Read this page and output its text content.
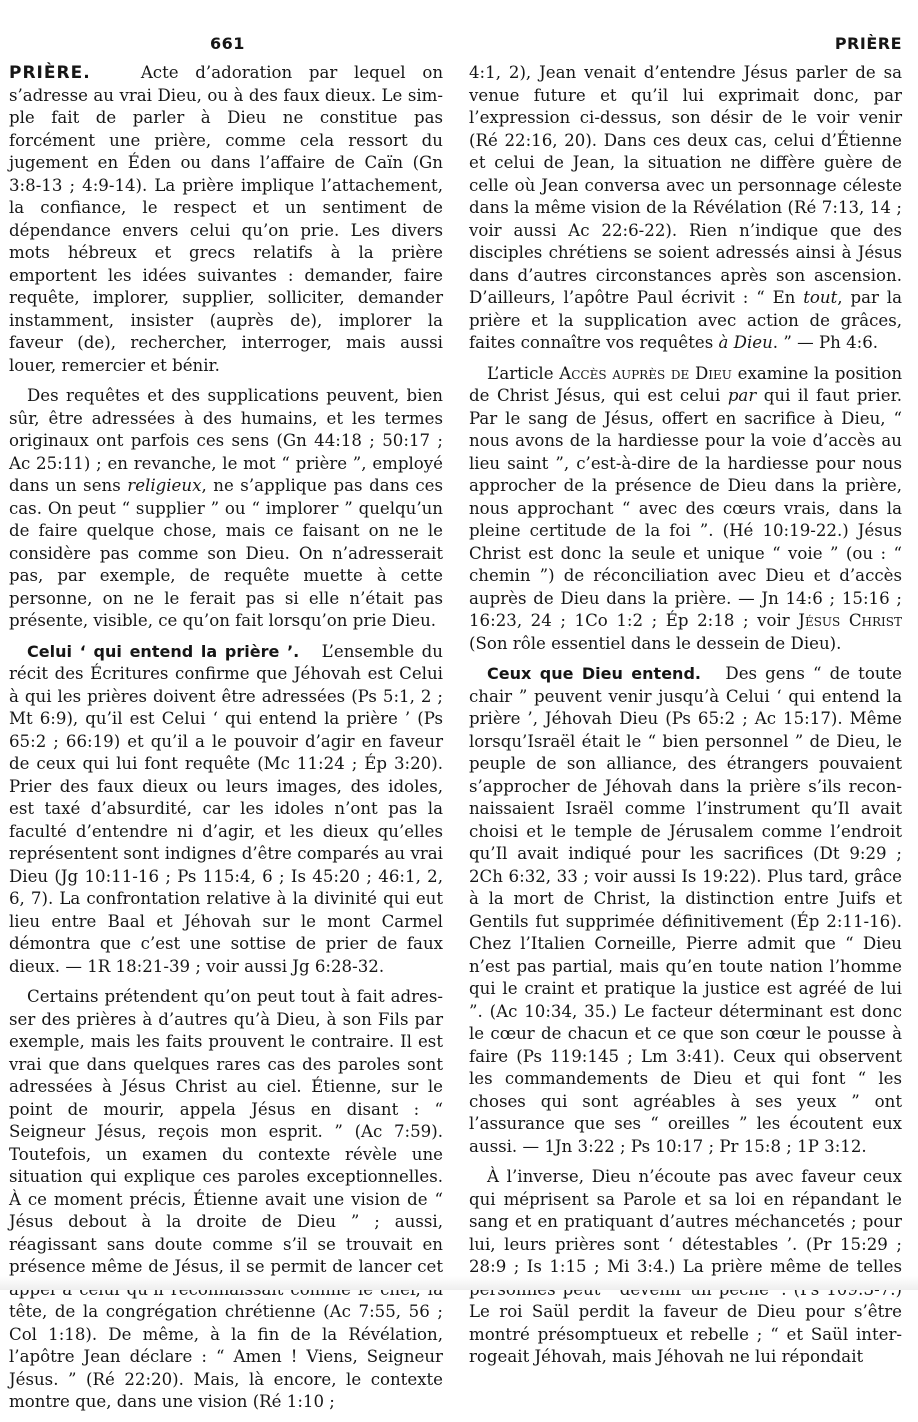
661	PRIÈRE

PRIÈRE.	Acte d’adoration par lequel on s’adresse au vrai Dieu, ou à des faux dieux. Le simple fait de parler à Dieu ne constitue pas forcément une prière, comme cela ressort du jugement en Éden ou dans l’affaire de Caïn (Gn 3:8-13 ; 4:9-14). La prière implique l’attachement, la confiance, le respect et un sentiment de dépendance envers celui qu’on prie. Les divers mots hébreux et grecs relatifs à la prière emportent les idées suivantes : demander, faire requête, implorer, supplier, solliciter, demander instamment, insister (auprès de), implorer la faveur (de), rechercher, interroger, mais aussi louer, remercier et bénir.

Des requêtes et des supplications peuvent, bien sûr, être adressées à des humains, et les termes originaux ont parfois ces sens (Gn 44:18 ; 50:17 ; Ac 25:11) ; en revanche, le mot “ prière ”, employé dans un sens religieux, ne s’applique pas dans ces cas. On peut “ supplier ” ou “ implorer ” quelqu’un de faire quelque chose, mais ce faisant on ne le considère pas comme son Dieu. On n’adresserait pas, par exemple, de requête muette à cette personne, on ne le ferait pas si elle n’était pas présente, visible, ce qu’on fait lorsqu’on prie Dieu.

Celui ‘ qui entend la prière ’. L’ensemble du récit des Écritures confirme que Jéhovah est Celui à qui les prières doivent être adressées (Ps 5:1, 2 ; Mt 6:9), qu’il est Celui ‘ qui entend la prière ’ (Ps 65:2 ; 66:19) et qu’il a le pouvoir d’agir en faveur de ceux qui lui font requête (Mc 11:24 ; Ép 3:20). Prier des faux dieux ou leurs images, des idoles, est taxé d’absurdité, car les idoles n’ont pas la faculté d’entendre ni d’agir, et les dieux qu’elles représentent sont indignes d’être comparés au vrai Dieu (Jg 10:11-16 ; Ps 115:4, 6 ; Is 45:20 ; 46:1, 2, 6, 7). La confrontation relative à la divinité qui eut lieu entre Baal et Jéhovah sur le mont Carmel démontra que c’est une sottise de prier de faux dieux. — 1R 18:21-39 ; voir aussi Jg 6:28-32.

Certains prétendent qu’on peut tout à fait adresser des prières à d’autres qu’à Dieu, à son Fils par exemple, mais les faits prouvent le contraire. Il est vrai que dans quelques rares cas des paroles sont adressées à Jésus Christ au ciel. Étienne, sur le point de mourir, appela Jésus en disant : “ Seigneur Jésus, reçois mon esprit. ” (Ac 7:59). Toutefois, un examen du contexte révèle une situation qui explique ces paroles exceptionnelles. À ce moment précis, Étienne avait une vision de “ Jésus debout à la droite de Dieu ” ; aussi, réagissant sans doute comme s’il se trouvait en présence même de Jésus, il se permit de lancer cet tête, de la congrégation chrétienne (Ac 7:55, 56 ; Col 1:18). De même, à la fin de la Révélation, l’apôtre Jean déclare : “ Amen ! Viens, Seigneur Jésus. ” (Ré 22:20). Mais, là encore, le contexte montre que, dans une vision (Ré 1:10 ;

4:1, 2), Jean venait d’entendre Jésus parler de sa venue future et qu’il lui exprimait donc, par l’expression ci-dessus, son désir de le voir venir (Ré 22:16, 20). Dans ces deux cas, celui d’Étienne et celui de Jean, la situation ne diffère guère de celle où Jean conversa avec un personnage céleste dans la même vision de la Révélation (Ré 7:13, 14 ; voir aussi Ac 22:6-22). Rien n’indique que des disciples chrétiens se soient adressés ainsi à Jésus dans d’autres circonstances après son ascension. D’ailleurs, l’apôtre Paul écrivit : “ En tout, par la prière et la supplication avec action de grâces, faites connaître vos requêtes à Dieu. ” — Ph 4:6.

L’article Accès auprès de Dieu examine la position de Christ Jésus, qui est celui par qui il faut prier. Par le sang de Jésus, offert en sacrifice à Dieu, “ nous avons de la hardiesse pour la voie d’accès au lieu saint ”, c’est-à-dire de la hardiesse pour nous approcher de la présence de Dieu dans la prière, nous approchant “ avec des cœurs vrais, dans la pleine certitude de la foi ”. (Hé 10:19-22.) Jésus Christ est donc la seule et unique “ voie ” (ou : “ chemin ”) de réconciliation avec Dieu et d’accès auprès de Dieu dans la prière. — Jn 14:6 ; 15:16 ; 16:23, 24 ; 1Co 1:2 ; Ép 2:18 ; voir Jésus Christ (Son rôle essentiel dans le dessein de Dieu).

Ceux que Dieu entend. Des gens “ de toute chair ” peuvent venir jusqu’à Celui ‘ qui entend la prière ’, Jéhovah Dieu (Ps 65:2 ; Ac 15:17). Même lorsqu’Israël était le “ bien personnel ” de Dieu, le peuple de son alliance, des étrangers pouvaient s’approcher de Jéhovah dans la prière s’ils reconnaissaient Israël comme l’instrument qu’Il avait choisi et le temple de Jérusalem comme l’endroit qu’Il avait indiqué pour les sacrifices (Dt 9:29 ; 2Ch 6:32, 33 ; voir aussi Is 19:22). Plus tard, grâce à la mort de Christ, la distinction entre Juifs et Gentils fut supprimée définitivement (Ép 2:11-16). Chez l’Italien Corneille, Pierre admit que “ Dieu n’est pas partial, mais qu’en toute nation l’homme qui le craint et pratique la justice est agréé de lui ”. (Ac 10:34, 35.) Le facteur déterminant est donc le cœur de chacun et ce que son cœur le pousse à faire (Ps 119:145 ; Lm 3:41). Ceux qui observent les commandements de Dieu et qui font “ les choses qui sont agréables à ses yeux ” ont l’assurance que ses “ oreilles ” les écoutent eux aussi. — 1Jn 3:22 ; Ps 10:17 ; Pr 15:8 ; 1P 3:12.

À l’inverse, Dieu n’écoute pas avec faveur ceux qui méprisent sa Parole et sa loi en répandant le sang et en pratiquant d’autres méchancetés ; pour lui, leurs prières sont ‘ détestables ’. (Pr 15:29 ; 28:9 ; Is 1:15 ; Mi 3:4.) La prière même de telles Le roi Saül perdit la faveur de Dieu pour s’être montré présomptueux et rebelle ; “ et Saül interrogeait Jéhovah, mais Jéhovah ne lui répondait
